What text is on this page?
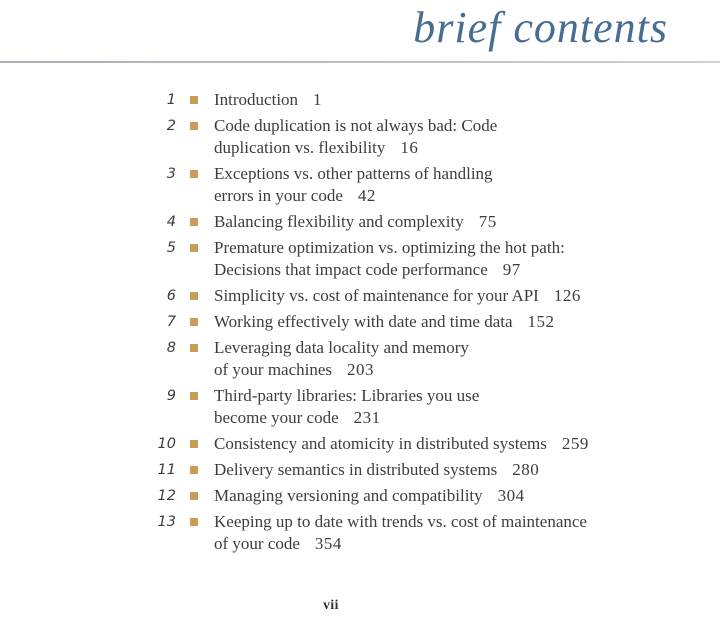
brief contents
1 Introduction 1
2 Code duplication is not always bad: Code
duplication vs. flexibility 16
3 Exceptions vs. other patterns of handling
errors in your code 42
4 Balancing flexibility and complexity 75
5 Premature optimization vs. optimizing the hot path:
Decisions that impact code performance 97
6 Simplicity vs. cost of maintenance for your API 126
7 Working effectively with date and time data 152
8 Leveraging data locality and memory
of your machines 203
9 Third-party libraries: Libraries you use
become your code 231
10 Consistency and atomicity in distributed systems 259
11 Delivery semantics in distributed systems 280
12 Managing versioning and compatibility 304
13 Keeping up to date with trends vs. cost of maintenance
of your code 354
vii
